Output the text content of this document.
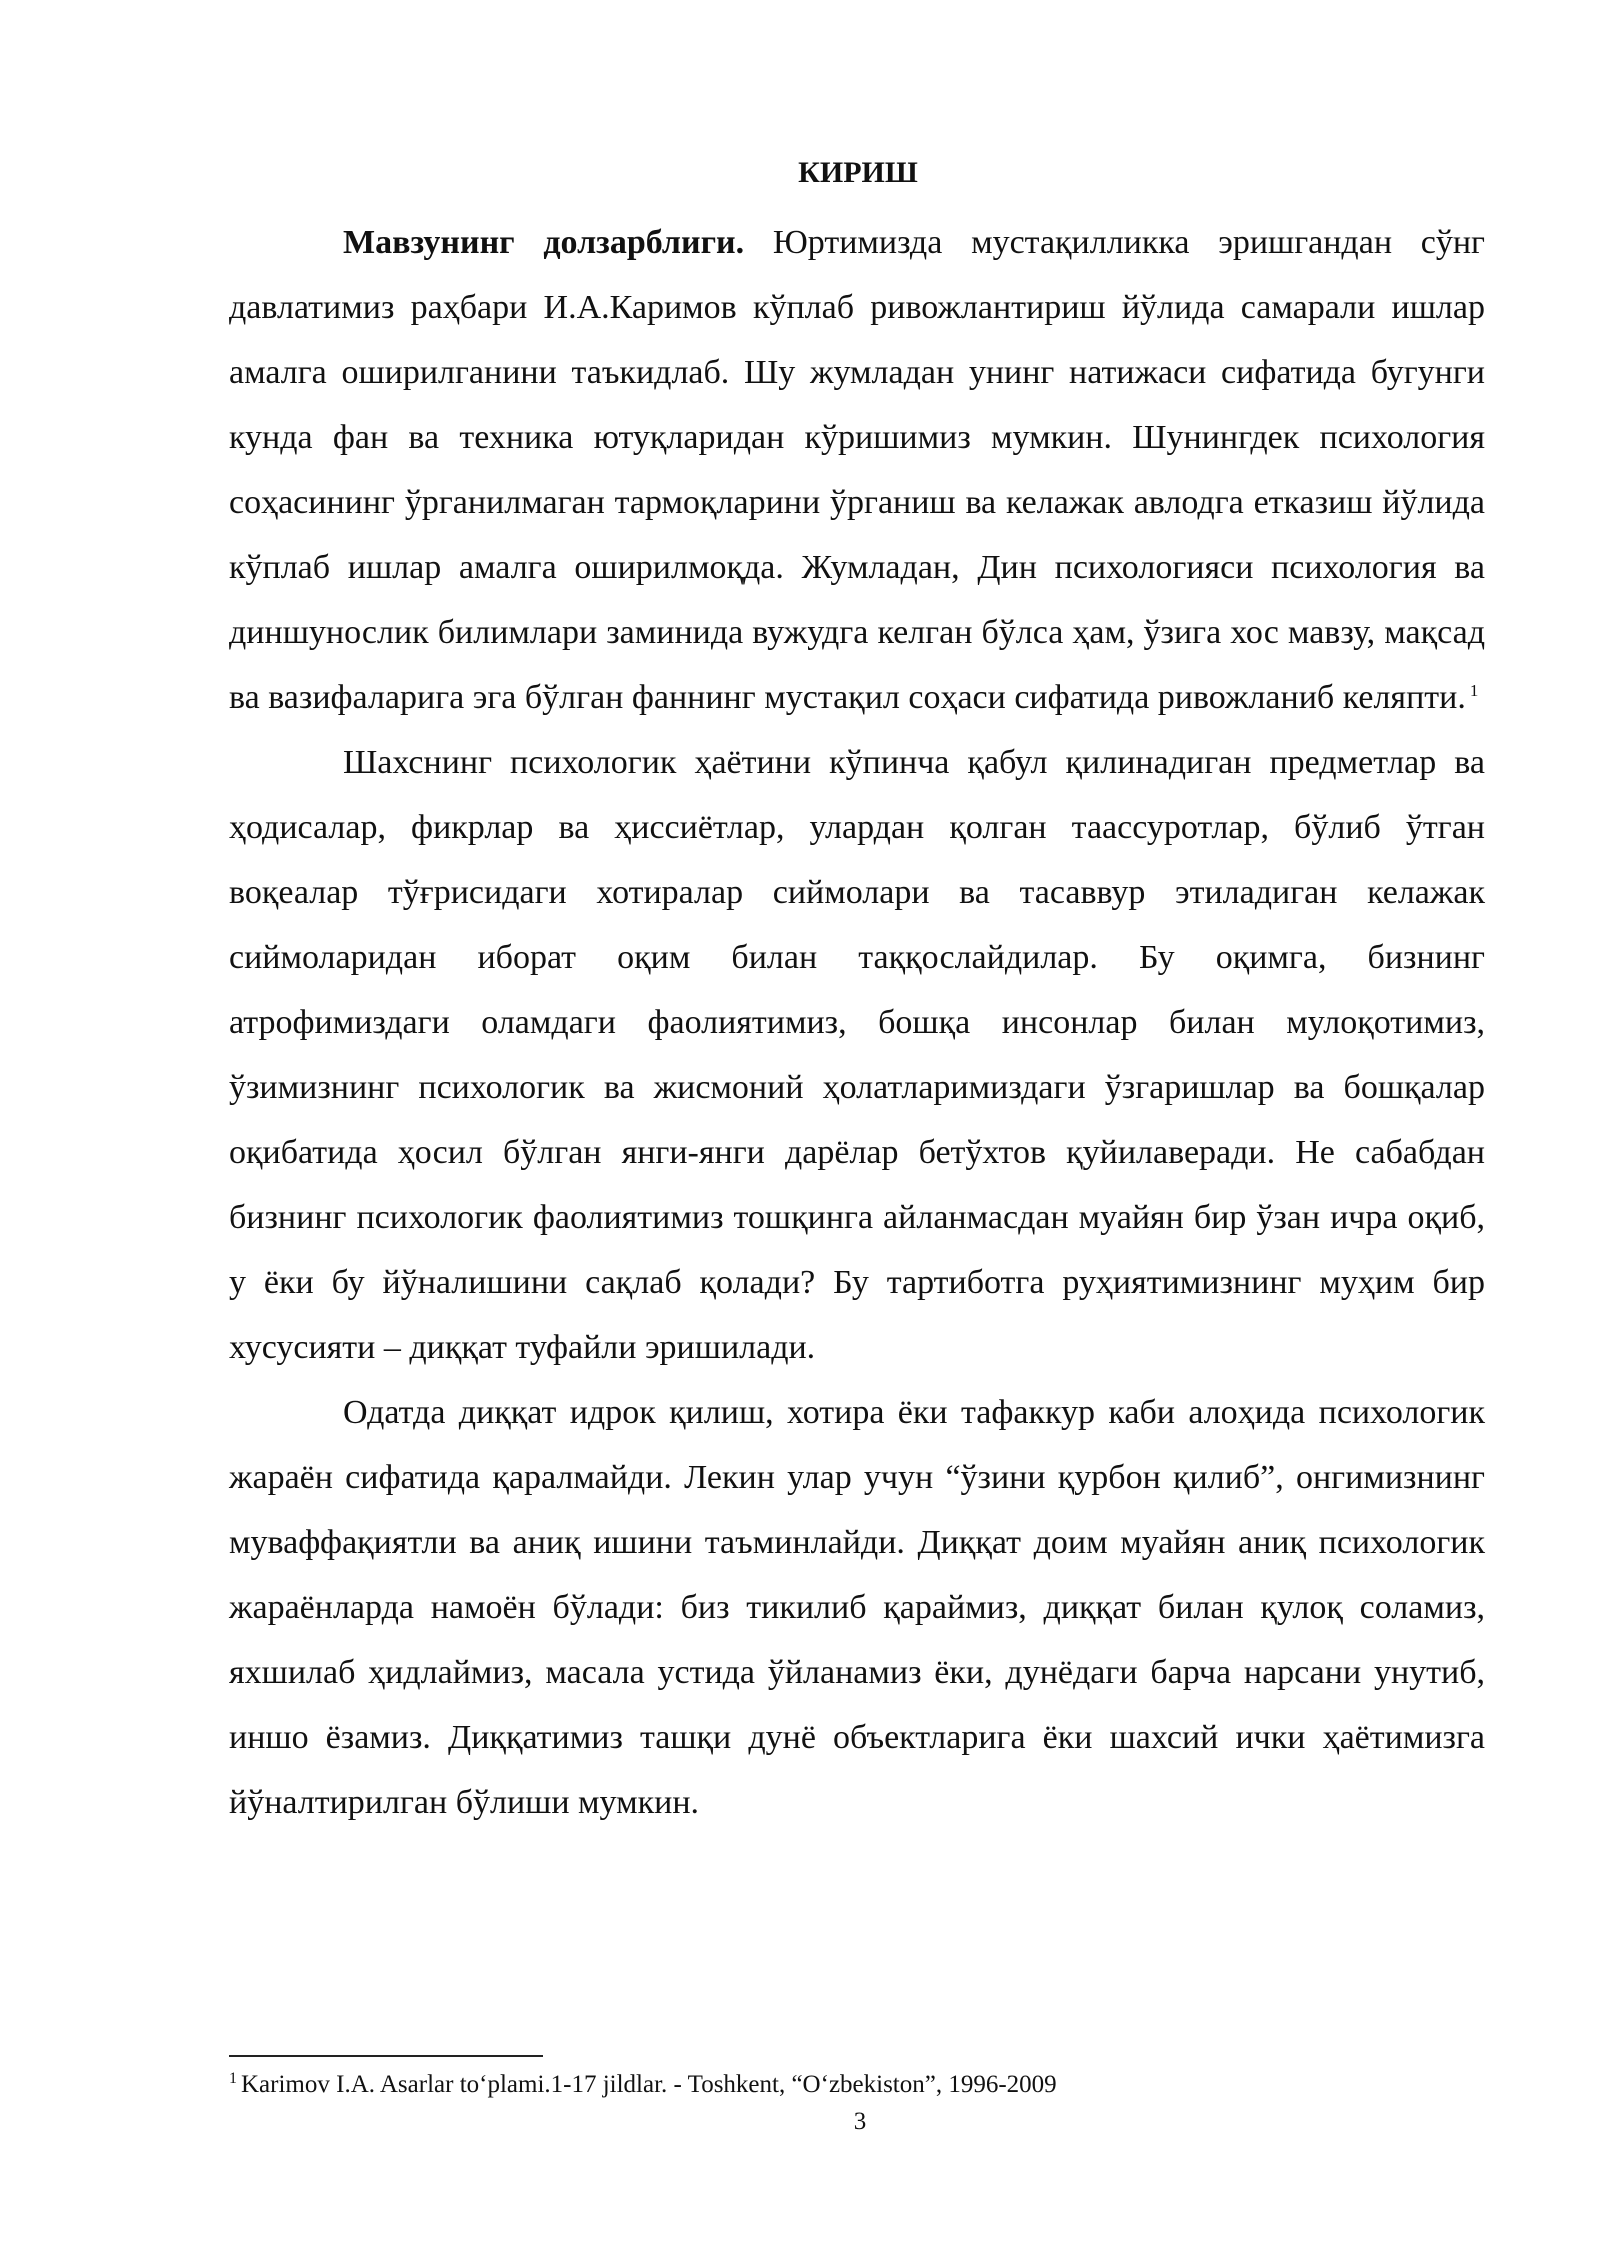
КИРИШ

Мавзунинг долзарблиги. Юртимизда мустақилликка эришгандан сўнг давлатимиз раҳбари И.А.Каримов кўплаб ривожлантириш йўлида самарали ишлар амалга оширилганини таъкидлаб. Шу жумладан унинг натижаси сифатида бугунги кунда фан ва техника ютуқларидан кўришимиз мумкин. Шунингдек психология соҳасининг ўрганилмаган тармоқларини ўрганиш ва келажак авлодга етказиш йўлида кўплаб ишлар амалга оширилмоқда. Жумладан, Дин психологияси психология ва диншунослик билимлари заминида вужудга келган бўлса ҳам, ўзига хос мавзу, мақсад ва вазифаларига эга бўлган фаннинг мустақил соҳаси сифатида ривожланиб келяпти. $^1$

Шахснинг психологик ҳаётини кўпинча қабул қилинадиган предметлар ва ҳодисалар, фикрлар ва ҳиссиётлар, улардан қолган таассуротлар, бўлиб ўтган воқеалар тўғрисидаги хотиралар сиймолари ва тасаввур этиладиган келажак сиймоларидан иборат оқим билан таққослайдилар. Бу оқимга, бизнинг атрофимиздаги оламдаги фаолиятимиз, бошқа инсонлар билан мулоқотимиз, ўзимизнинг психологик ва жисмоний ҳолатларимиздаги ўзгаришлар ва бошқалар оқибатида ҳосил бўлган янги-янги дарёлар бетўхтов қуйилаверади. Не сабабдан бизнинг психологик фаолиятимиз тошқинга айланмасдан муайян бир ўзан ичра оқиб, у ёки бу йўналишини сақлаб қолади? Бу тартиботга руҳиятимизнинг муҳим бир хусусияти – диққат туфайли эришилади.

Одатда диққат идрок қилиш, хотира ёки тафаккур каби алоҳида психологик жараён сифатида қаралмайди. Лекин улар учун “ўзини қурбон қилиб”, онгимизнинг муваффақиятли ва аниқ ишини таъминлайди. Диққат доим муайян аниқ психологик жараёнларда намоён бўлади: биз тикилиб қараймиз, диққат билан қулоқ соламиз, яхшилаб ҳидлаймиз, масала устида ўйланамиз ёки, дунёдаги барча нарсани унутиб, иншо ёзамиз. Диққатимиз ташқи дунё объектларига ёки шахсий ички ҳаётимизга йўналтирилган бўлиши мумкин.

$^1$ Karimov I.A. Asarlar to‘plami.1-17 jildlar. - Toshkent, “O‘zbekiston”, 1996-2009

3
